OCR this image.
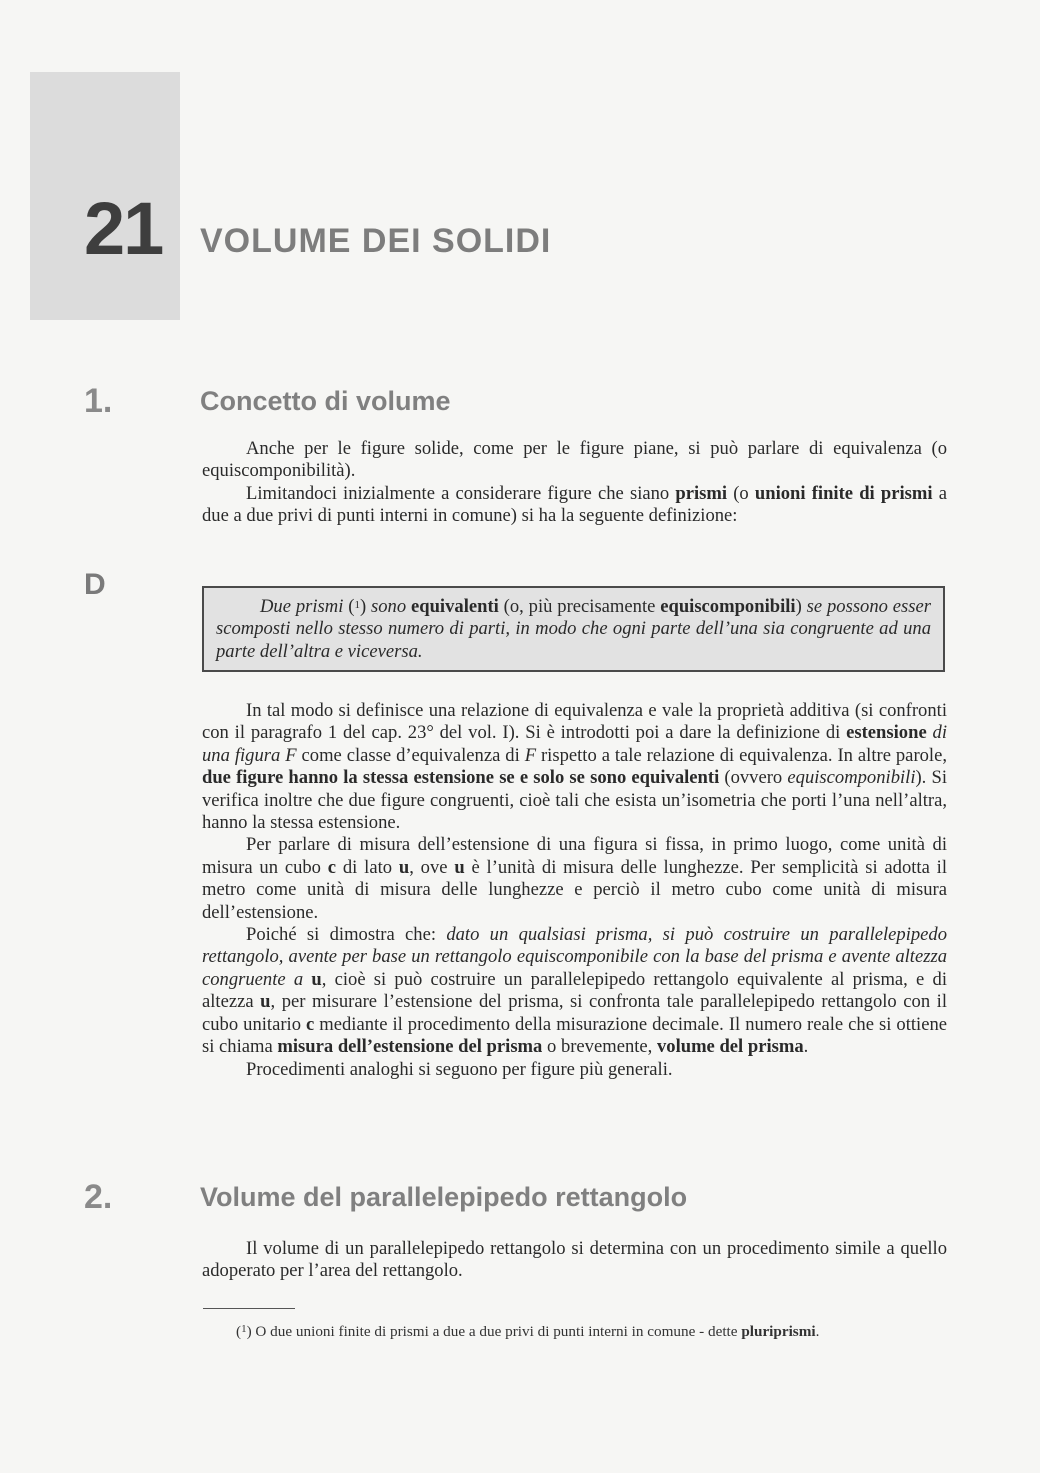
21 VOLUME DEI SOLIDI
1.	Concetto di volume

Anche per le figure solide, come per le figure piane, si può parlare di equivalenza (o equiscomponibilità).

Limitandoci inizialmente a considerare figure che siano prismi (o unioni finite di prismi a due a due privi di punti interni in comune) si ha la seguente definizione:

D

Due prismi ($^1$) sono equivalenti (o, più precisamente equiscomponibili) se possono esser scomposti nello stesso numero di parti, in modo che ogni parte dell’una sia congruente ad una parte dell’altra e viceversa.

In tal modo si definisce una relazione di equivalenza e vale la proprietà additiva (si confronti con il paragrafo 1 del cap. 23° del vol. I). Si è introdotti poi a dare la definizione di estensione di una figura F come classe d’equivalenza di F rispetto a tale relazione di equivalenza. In altre parole, due figure hanno la stessa estensione se e solo se sono equivalenti (ovvero equiscomponibili). Si verifica inoltre che due figure congruenti, cioè tali che esista un’isometria che porti l’una nell’altra, hanno la stessa estensione.

Per parlare di misura dell’estensione di una figura si fissa, in primo luogo, come unità di misura un cubo c di lato u, ove u è l’unità di misura delle lunghezze. Per semplicità si adotta il metro come unità di misura delle lunghezze e perciò il metro cubo come unità di misura dell’estensione.

Poiché si dimostra che: dato un qualsiasi prisma, si può costruire un parallelepipedo rettangolo, avente per base un rettangolo equiscomponibile con la base del prisma e avente altezza congruente a u, cioè si può costruire un parallelepipedo rettangolo equivalente al prisma, e di altezza u, per misurare l’estensione del prisma, si confronta tale parallelepipedo rettangolo con il cubo unitario c mediante il procedimento della misurazione decimale. Il numero reale che si ottiene si chiama misura dell’estensione del prisma o brevemente, volume del prisma.

Procedimenti analoghi si seguono per figure più generali.

2.	Volume del parallelepipedo rettangolo

Il volume di un parallelepipedo rettangolo si determina con un procedimento simile a quello adoperato per l’area del rettangolo.

($^1$) O due unioni finite di prismi a due a due privi di punti interni in comune - dette pluriprismi.
